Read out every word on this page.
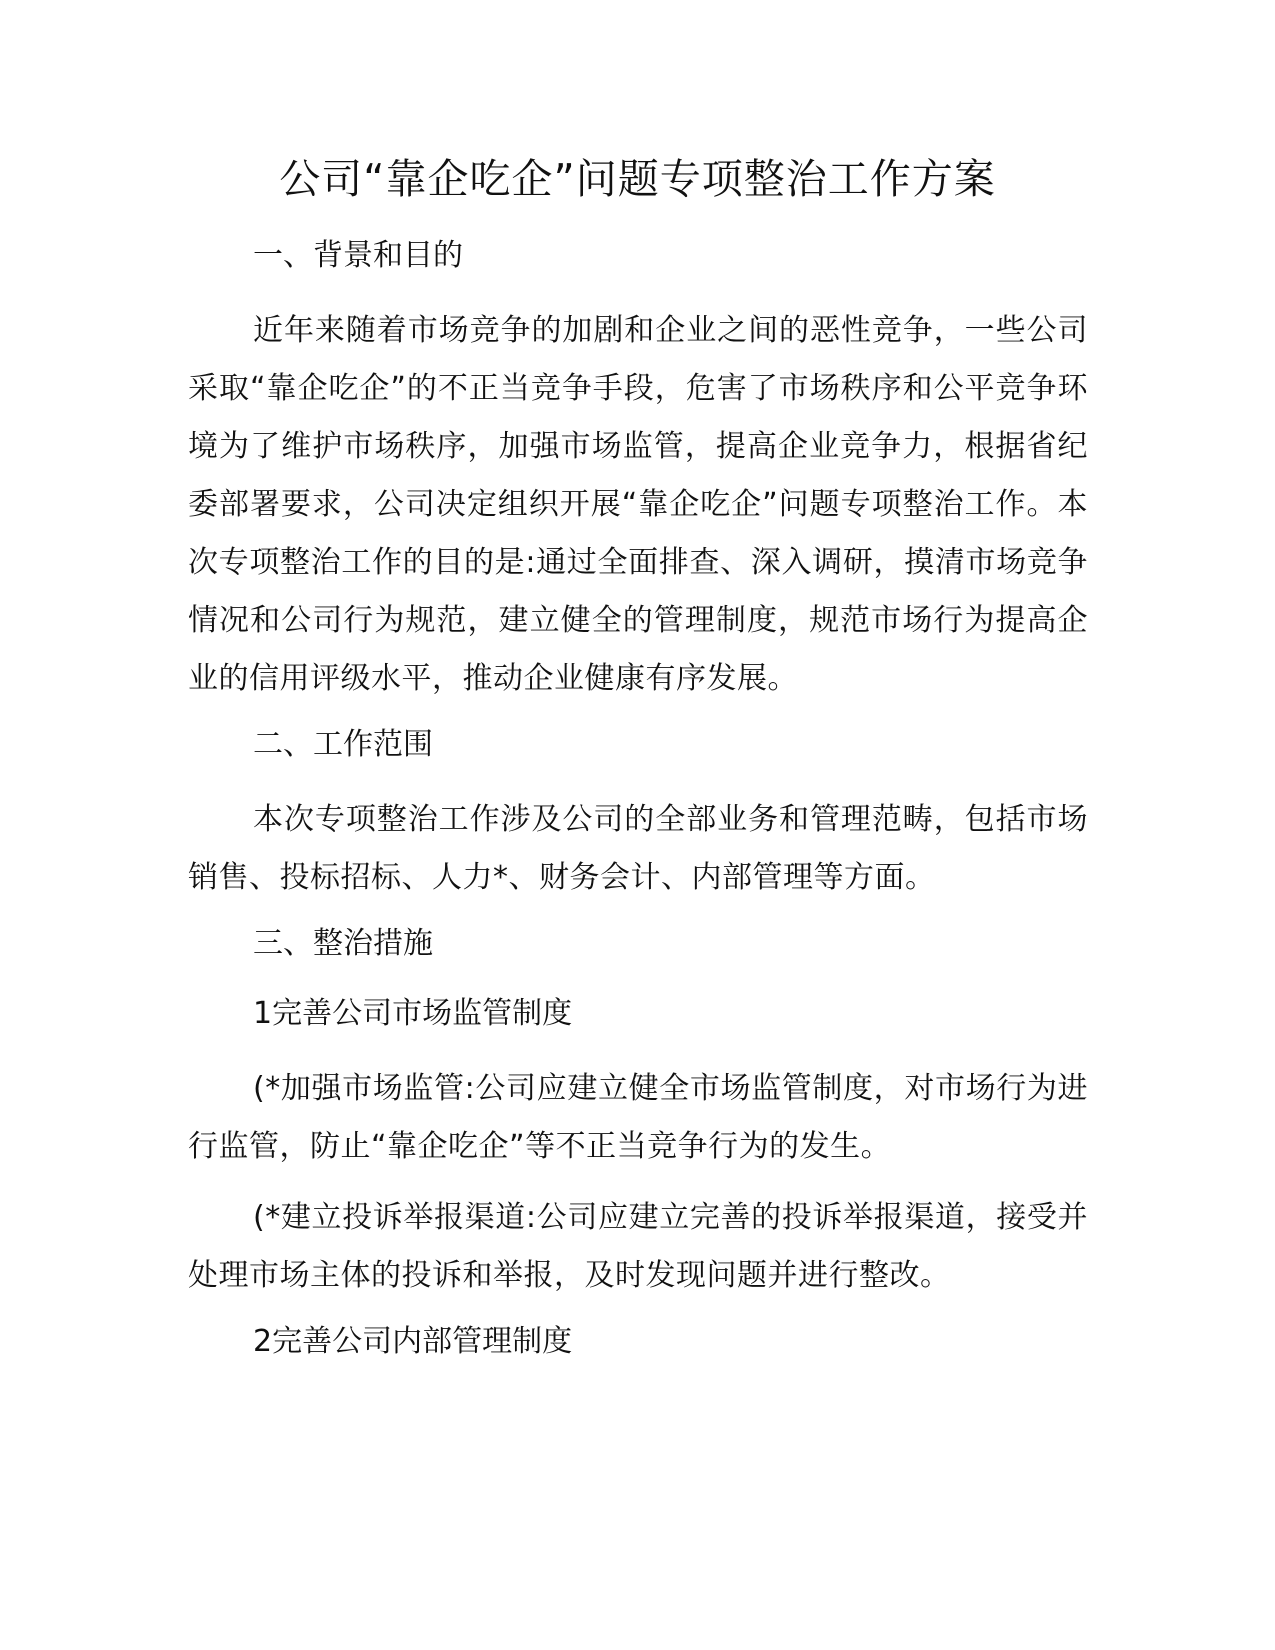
公司“靠企吃企”问题专项整治工作方案
一、背景和目的

近年来随着市场竞争的加剧和企业之间的恶性竞争，一些公司采取“靠企吃企”的不正当竞争手段，危害了市场秩序和公平竞争环境为了维护市场秩序，加强市场监管，提高企业竞争力，根据省纪委部署要求，公司决定组织开展“靠企吃企”问题专项整治工作。本次专项整治工作的目的是:通过全面排查、深入调研，摸清市场竞争情况和公司行为规范，建立健全的管理制度，规范市场行为提高企业的信用评级水平，推动企业健康有序发展。

二、工作范围

本次专项整治工作涉及公司的全部业务和管理范畴，包括市场销售、投标招标、人力*、财务会计、内部管理等方面。

三、整治措施
1完善公司市场监管制度

(*加强市场监管:公司应建立健全市场监管制度，对市场行为进行监管，防止“靠企吃企”等不正当竞争行为的发生。

(*建立投诉举报渠道:公司应建立完善的投诉举报渠道，接受并处理市场主体的投诉和举报，及时发现问题并进行整改。

2完善公司内部管理制度
